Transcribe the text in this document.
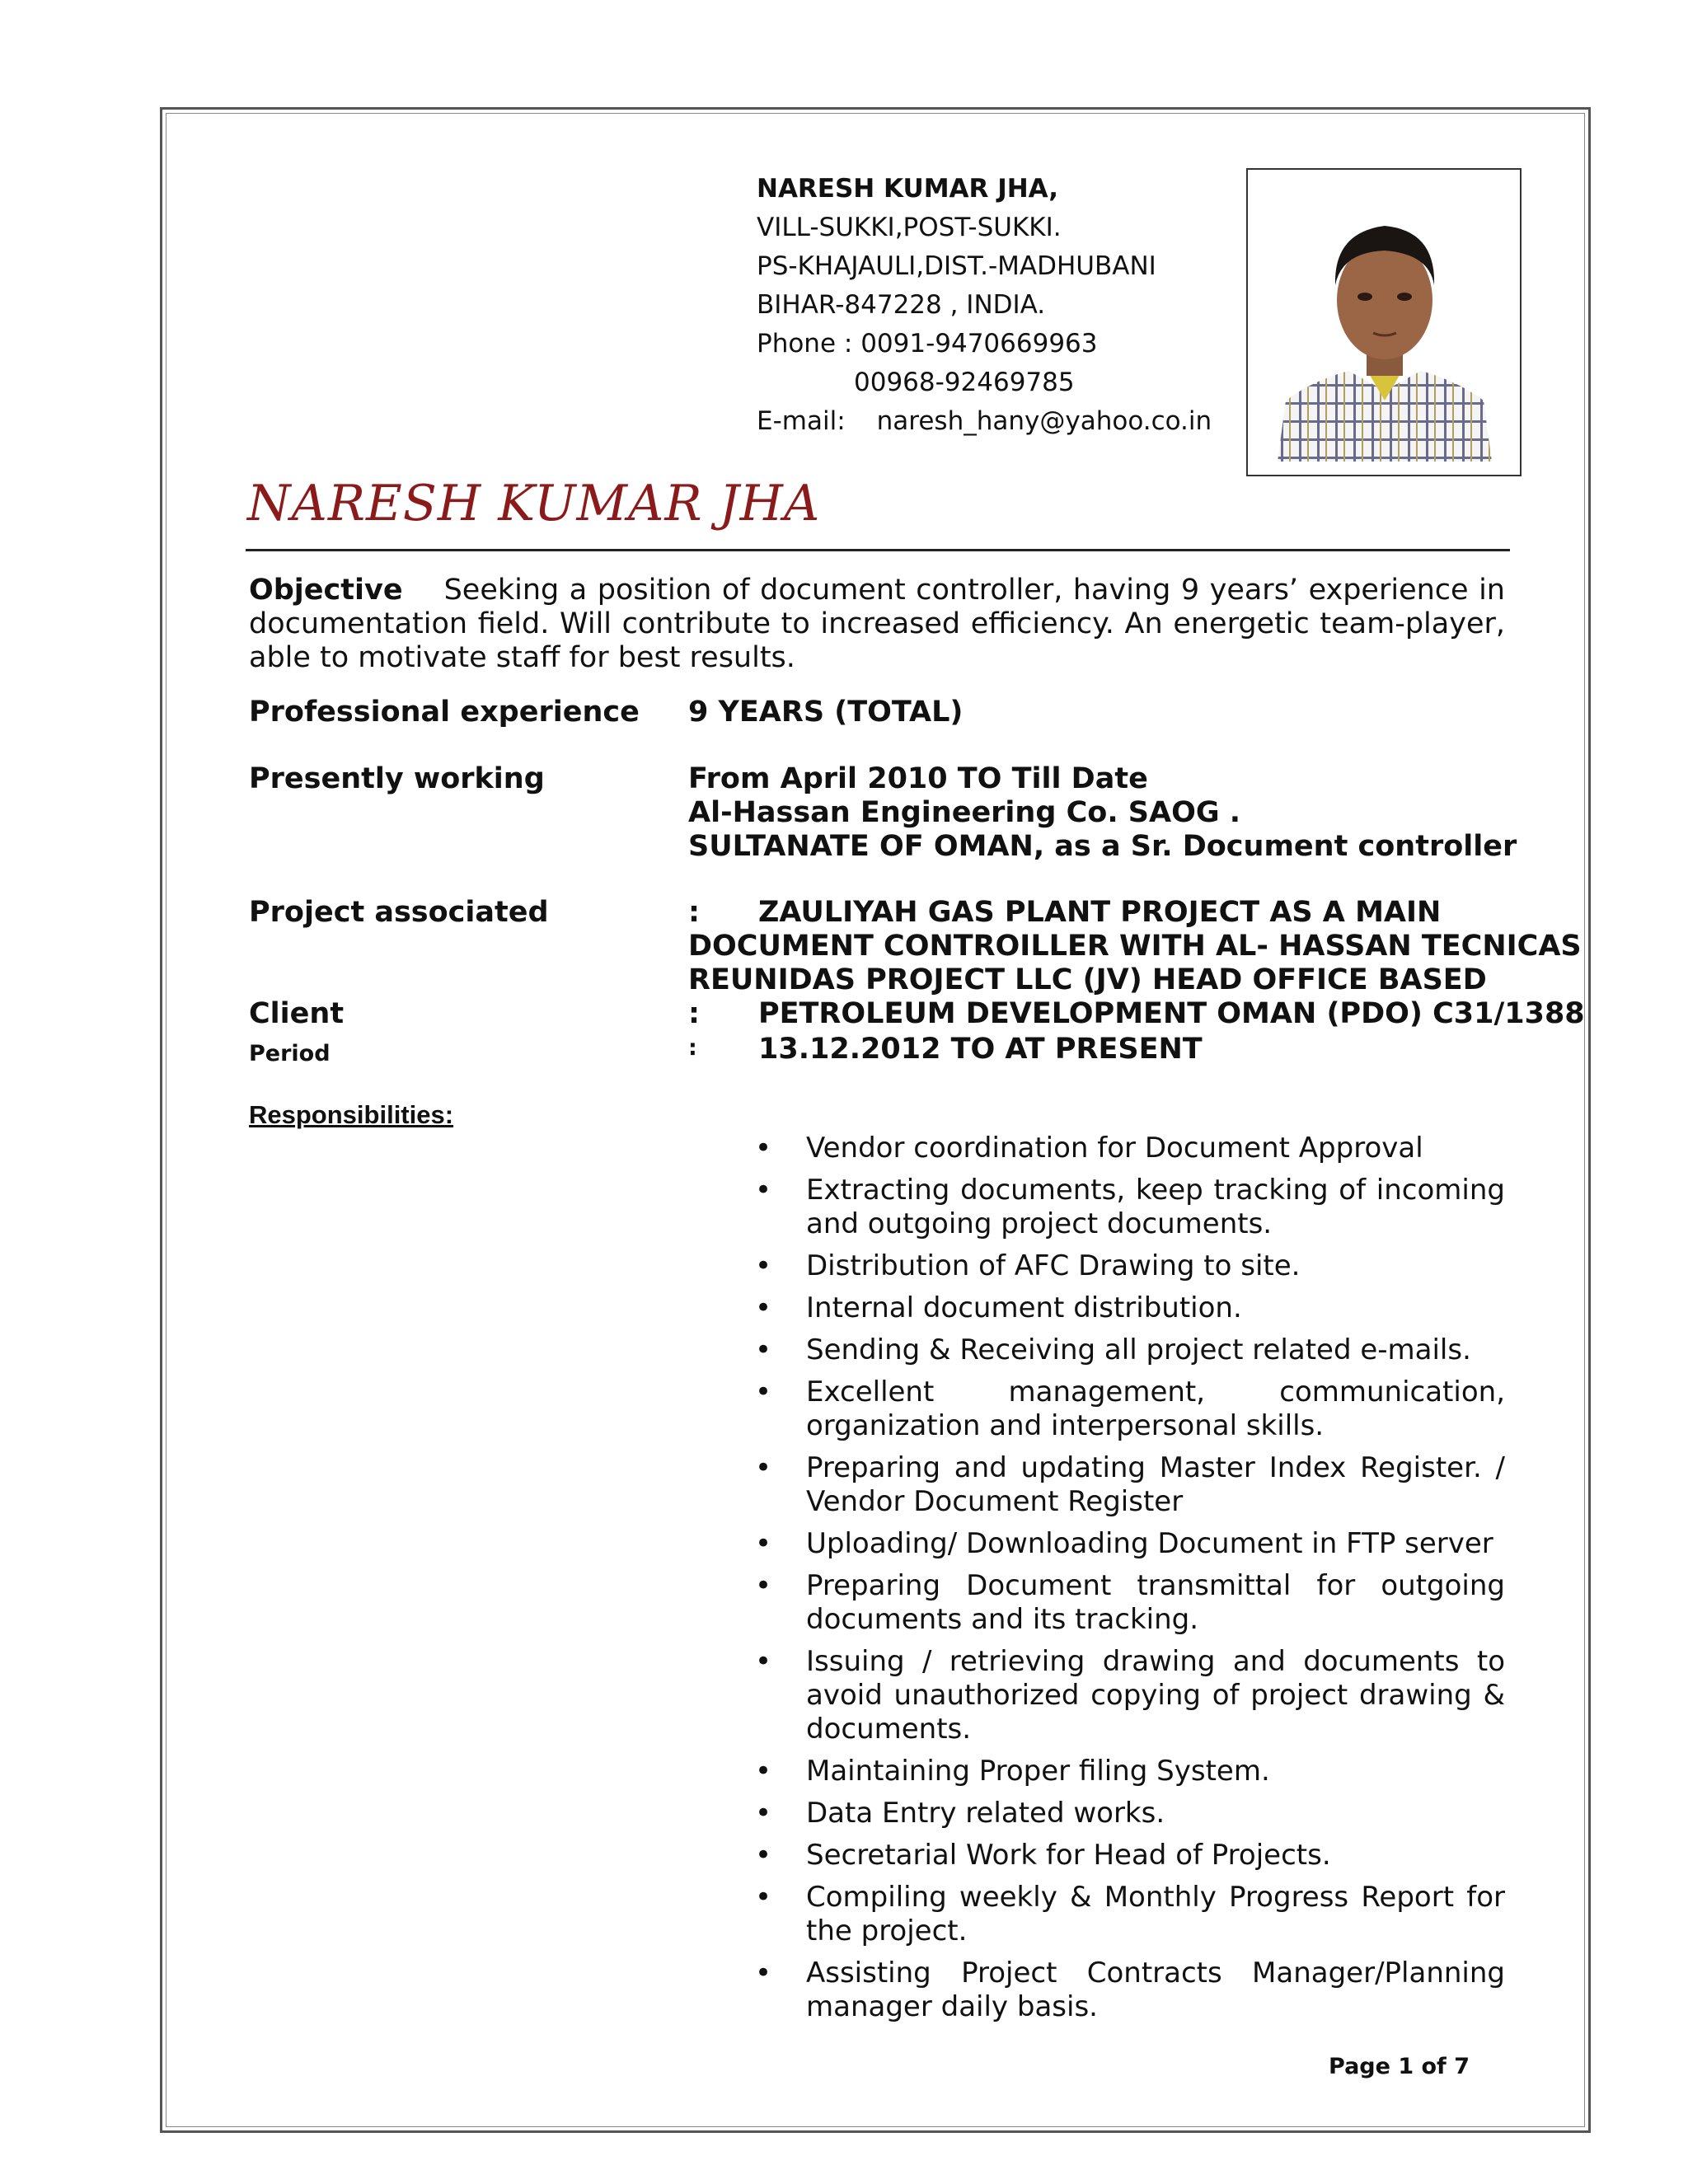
NARESH KUMAR JHA,
VILL-SUKKI,POST-SUKKI.
PS-KHAJAULI,DIST.-MADHUBANI
BIHAR-847228 , INDIA.
Phone : 0091-9470669963
00968-92469785
E-mail: naresh_hany@yahoo.co.in
NARESH KUMAR JHA
Objective Seeking a position of document controller, having 9 years’ experience in documentation field. Will contribute to increased efficiency. An energetic team-player, able to motivate staff for best results.
Professional experience 9 YEARS (TOTAL)
Presently working	From April 2010 TO Till Date
Al-Hassan Engineering Co. SAOG .
SULTANATE OF OMAN, as a Sr. Document controller
Project associated	: ZAULIYAH GAS PLANT PROJECT AS A MAIN
DOCUMENT CONTROILLER WITH AL- HASSAN TECNICAS
REUNIDAS PROJECT LLC (JV) HEAD OFFICE BASED
Client	: PETROLEUM DEVELOPMENT OMAN (PDO) C31/1388
Period	: 13.12.2012 TO AT PRESENT
Responsibilities:
• Vendor coordination for Document Approval
• Extracting documents, keep tracking of incoming and outgoing project documents.
• Distribution of AFC Drawing to site.
• Internal document distribution.
• Sending & Receiving all project related e-mails.
• Excellent management, communication, organization and interpersonal skills.
• Preparing and updating Master Index Register. / Vendor Document Register
• Uploading/ Downloading Document in FTP server
• Preparing Document transmittal for outgoing documents and its tracking.
• Issuing / retrieving drawing and documents to avoid unauthorized copying of project drawing & documents.
• Maintaining Proper filing System.
• Data Entry related works.
• Secretarial Work for Head of Projects.
• Compiling weekly & Monthly Progress Report for the project.
• Assisting Project Contracts Manager/Planning manager daily basis.
Page 1 of 7
